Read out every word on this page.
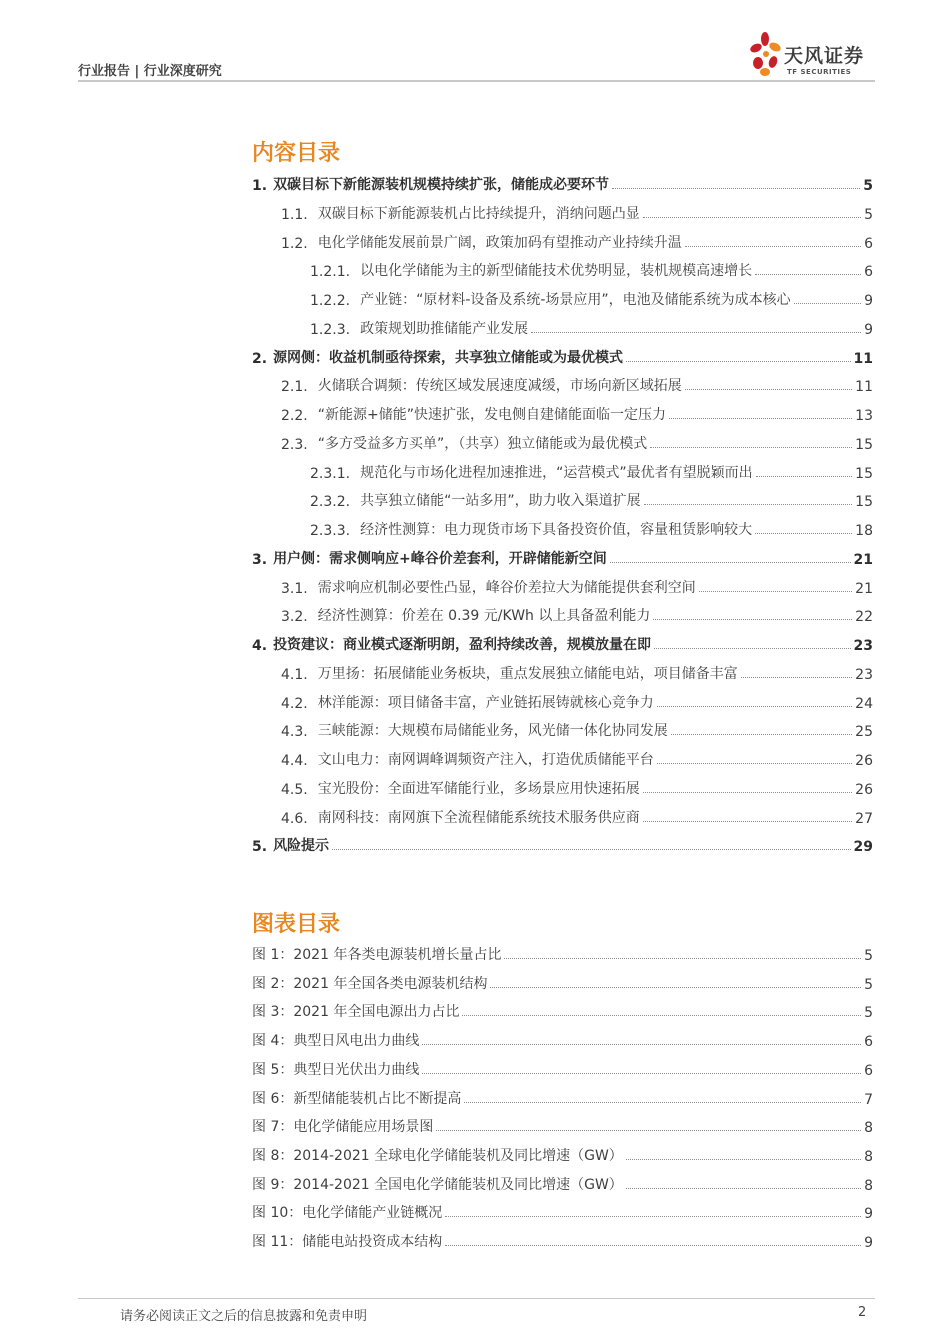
行业报告 | 行业深度研究
天风证券
TF SECURITIES
内容目录
1. 双碳目标下新能源装机规模持续扩张，储能成必要环节	5
1.1. 双碳目标下新能源装机占比持续提升，消纳问题凸显	5
1.2. 电化学储能发展前景广阔，政策加码有望推动产业持续升温	6
1.2.1. 以电化学储能为主的新型储能技术优势明显，装机规模高速增长	6
1.2.2. 产业链：“原材料-设备及系统-场景应用”，电池及储能系统为成本核心	9
1.2.3. 政策规划助推储能产业发展	9
2. 源网侧：收益机制亟待探索，共享独立储能或为最优模式	11
2.1. 火储联合调频：传统区域发展速度减缓，市场向新区域拓展	11
2.2. “新能源+储能”快速扩张，发电侧自建储能面临一定压力	13
2.3. “多方受益多方买单”，（共享）独立储能或为最优模式	15
2.3.1. 规范化与市场化进程加速推进，“运营模式”最优者有望脱颖而出	15
2.3.2. 共享独立储能“一站多用”，助力收入渠道扩展	15
2.3.3. 经济性测算：电力现货市场下具备投资价值，容量租赁影响较大	18
3. 用户侧：需求侧响应+峰谷价差套利，开辟储能新空间	21
3.1. 需求响应机制必要性凸显，峰谷价差拉大为储能提供套利空间	21
3.2. 经济性测算：价差在 0.39 元/KWh 以上具备盈利能力	22
4. 投资建议：商业模式逐渐明朗，盈利持续改善，规模放量在即	23
4.1. 万里扬：拓展储能业务板块，重点发展独立储能电站，项目储备丰富	23
4.2. 林洋能源：项目储备丰富，产业链拓展铸就核心竞争力	24
4.3. 三峡能源：大规模布局储能业务，风光储一体化协同发展	25
4.4. 文山电力：南网调峰调频资产注入，打造优质储能平台	26
4.5. 宝光股份：全面进军储能行业，多场景应用快速拓展	26
4.6. 南网科技：南网旗下全流程储能系统技术服务供应商	27
5. 风险提示	29
图表目录
图 1： 2021 年各类电源装机增长量占比	5
图 2： 2021 年全国各类电源装机结构	5
图 3： 2021 年全国电源出力占比	5
图 4： 典型日风电出力曲线	6
图 5： 典型日光伏出力曲线	6
图 6： 新型储能装机占比不断提高	7
图 7： 电化学储能应用场景图	8
图 8： 2014-2021 全球电化学储能装机及同比增速（GW）	8
图 9： 2014-2021 全国电化学储能装机及同比增速（GW）	8
图 10： 电化学储能产业链概况	9
图 11： 储能电站投资成本结构	9
请务必阅读正文之后的信息披露和免责申明	2
